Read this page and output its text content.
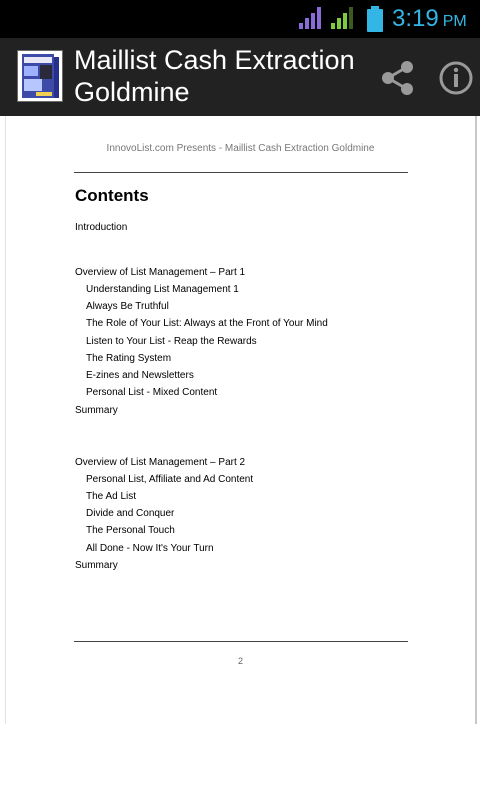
3:19 PM
Maillist Cash Extraction Goldmine
InnovoList.com Presents - Maillist Cash Extraction Goldmine
Contents
Introduction
Overview of List Management – Part 1
Understanding List Management 1
Always Be Truthful
The Role of Your List: Always at the Front of Your Mind
Listen to Your List - Reap the Rewards
The Rating System
E-zines and Newsletters
Personal List - Mixed Content
Summary
Overview of List Management – Part 2
Personal List, Affiliate and Ad Content
The Ad List
Divide and Conquer
The Personal Touch
All Done - Now It's Your Turn
Summary
2
